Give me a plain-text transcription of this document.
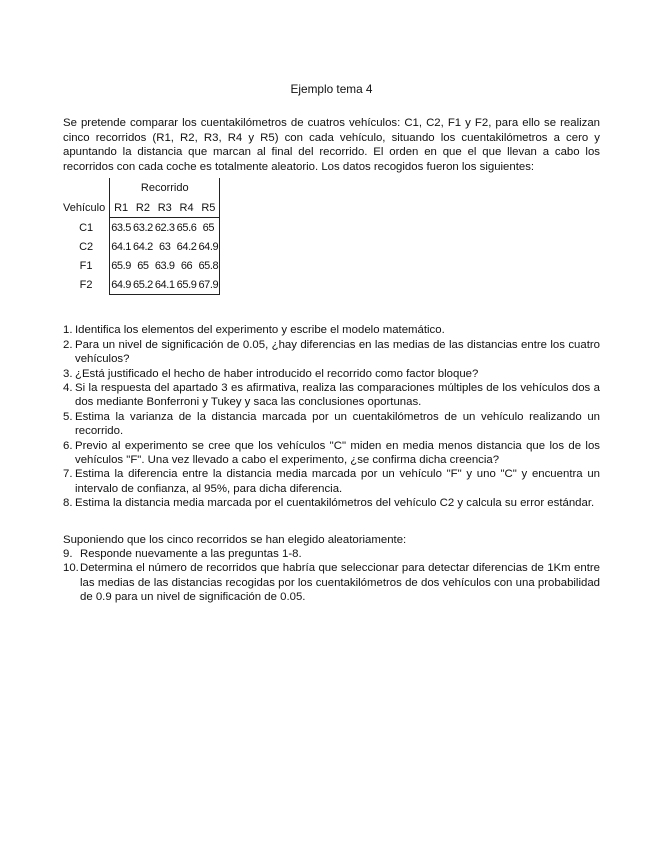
Ejemplo tema 4

Se pretende comparar los cuentakilómetros de cuatros vehículos: C1, C2, F1 y F2, para ello se realizan cinco recorridos (R1, R2, R3, R4 y R5) con cada vehículo, situando los cuentakilómetros a cero y apuntando la distancia que marcan al final del recorrido. El orden en que el que llevan a cabo los recorridos con cada coche es totalmente aleatorio. Los datos recogidos fueron los siguientes:

	Recorrido				
Vehículo	R1	R2	R3	R4	R5
C1	63.5	63.2	62.3	65.6	65
C2	64.1	64.2	63	64.2	64.9
F1	65.9	65	63.9	66	65.8
F2	64.9	65.2	64.1	65.9	67.9
1. Identifica los elementos del experimento y escribe el modelo matemático.
2. Para un nivel de significación de 0.05, ¿hay diferencias en las medias de las distancias entre los cuatro vehículos?
3. ¿Está justificado el hecho de haber introducido el recorrido como factor bloque?
4. Si la respuesta del apartado 3 es afirmativa, realiza las comparaciones múltiples de los vehículos dos a dos mediante Bonferroni y Tukey y saca las conclusiones oportunas.
5. Estima la varianza de la distancia marcada por un cuentakilómetros de un vehículo realizando un recorrido.
6. Previo al experimento se cree que los vehículos "C" miden en media menos distancia que los de los vehículos "F". Una vez llevado a cabo el experimento, ¿se confirma dicha creencia?
7. Estima la diferencia entre la distancia media marcada por un vehículo "F" y uno "C" y encuentra un intervalo de confianza, al 95%, para dicha diferencia.
8. Estima la distancia media marcada por el cuentakilómetros del vehículo C2 y calcula su error estándar.

Suponiendo que los cinco recorridos se han elegido aleatoriamente:

9. Responde nuevamente a las preguntas 1-8.
10. Determina el número de recorridos que habría que seleccionar para detectar diferencias de 1Km entre las medias de las distancias recogidas por los cuentakilómetros de dos vehículos con una probabilidad de 0.9 para un nivel de significación de 0.05.
